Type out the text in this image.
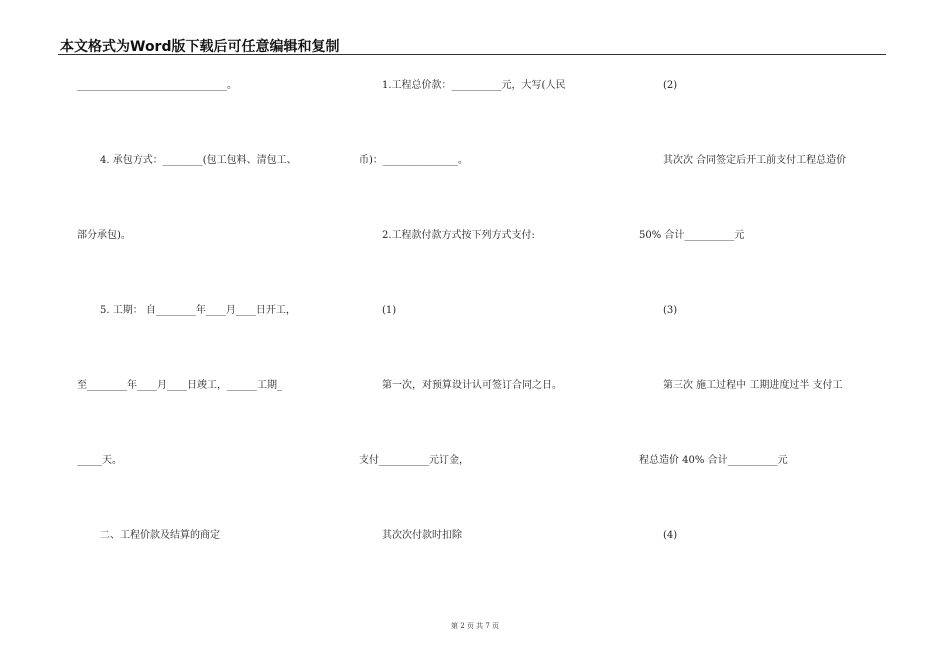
本文格式为Word版下载后可任意编辑和复制
______________________________。
4. 承包方式：________(包工包料、清包工、
部分承包)。
5. 工期： 自________年____月____日开工，
至________年____月____日竣工，______工期_
_____天。
二、工程价款及结算的商定
1.工程总价款：__________元，大写(人民
币)：_______________。
2.工程款付款方式按下列方式支付:
(1)
第一次，对预算设计认可签订合同之日。
支付__________元订金，
其次次付款时扣除
(2)
其次次 合同签定后开工前支付工程总造价
50% 合计__________元
(3)
第三次 施工过程中 工期进度过半 支付工
程总造价 40% 合计__________元
(4)
第 2 页 共 7 页
